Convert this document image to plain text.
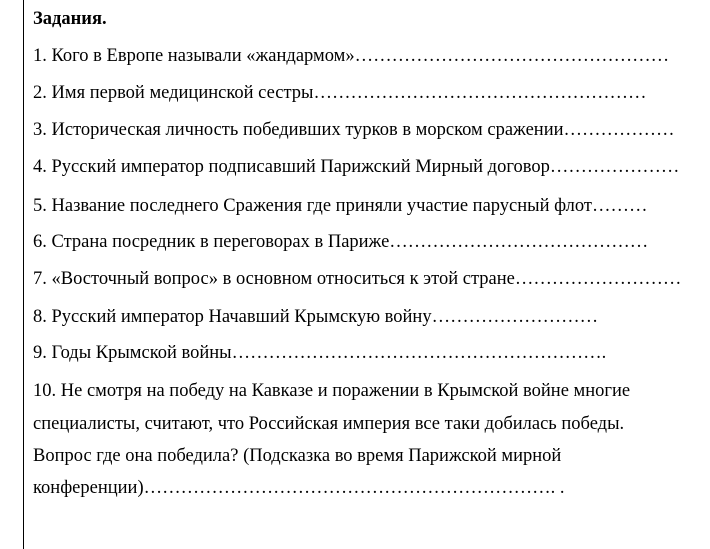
Задания.
1. Кого в Европе называли «жандармом»……………………………………………
2. Имя первой медицинской сестры………………………………………………
3. Историческая личность победивших турков в морском сражении………………
4. Русский император подписавший Парижский Мирный договор…………………
5. Название последнего Сражения где приняли участие парусный флот………
6. Страна посредник в переговорах в Париже……………………………………
7. «Восточный вопрос» в основном относиться к этой стране………………………
8. Русский император Начавший Крымскую войну………………………
9. Годы Крымской войны…………………………………………………….
10. Не смотря на победу на Кавказе и поражении в Крымской войне многие
специалисты, считают, что Российская империя все таки добилась победы.
Вопрос где она победила? (Подсказка во время Парижской мирной
конференции)…………………………………………………………. .
